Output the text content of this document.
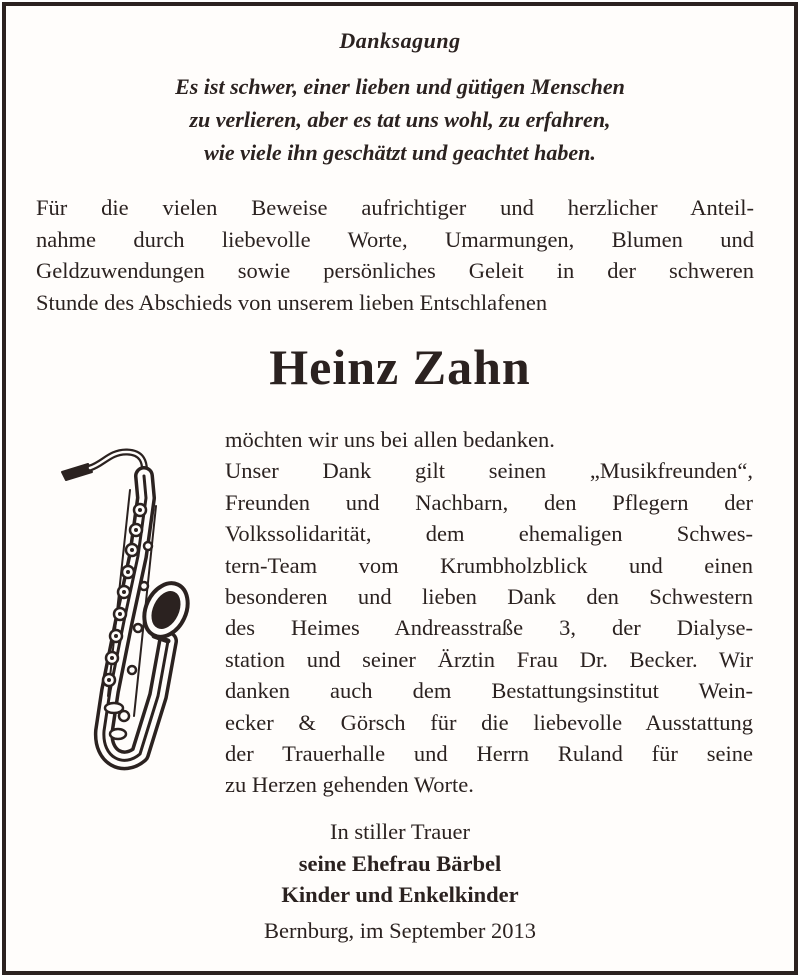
Danksagung
Es ist schwer, einer lieben und gütigen Menschen
zu verlieren, aber es tat uns wohl, zu erfahren,
wie viele ihn geschätzt und geachtet haben.
Für die vielen Beweise aufrichtiger und herzlicher Anteil-
nahme durch liebevolle Worte, Umarmungen, Blumen und
Geldzuwendungen sowie persönliches Geleit in der schweren
Stunde des Abschieds von unserem lieben Entschlafenen
Heinz Zahn
möchten wir uns bei allen bedanken.
Unser Dank gilt seinen „Musikfreunden“,
Freunden und Nachbarn, den Pflegern der
Volkssolidarität, dem ehemaligen Schwes-
tern-Team vom Krumbholzblick und einen
besonderen und lieben Dank den Schwestern
des Heimes Andreasstraße 3, der Dialyse-
station und seiner Ärztin Frau Dr. Becker. Wir
danken auch dem Bestattungsinstitut Wein-
ecker & Görsch für die liebevolle Ausstattung
der Trauerhalle und Herrn Ruland für seine
zu Herzen gehenden Worte.
In stiller Trauer
seine Ehefrau Bärbel
Kinder und Enkelkinder
Bernburg, im September 2013
